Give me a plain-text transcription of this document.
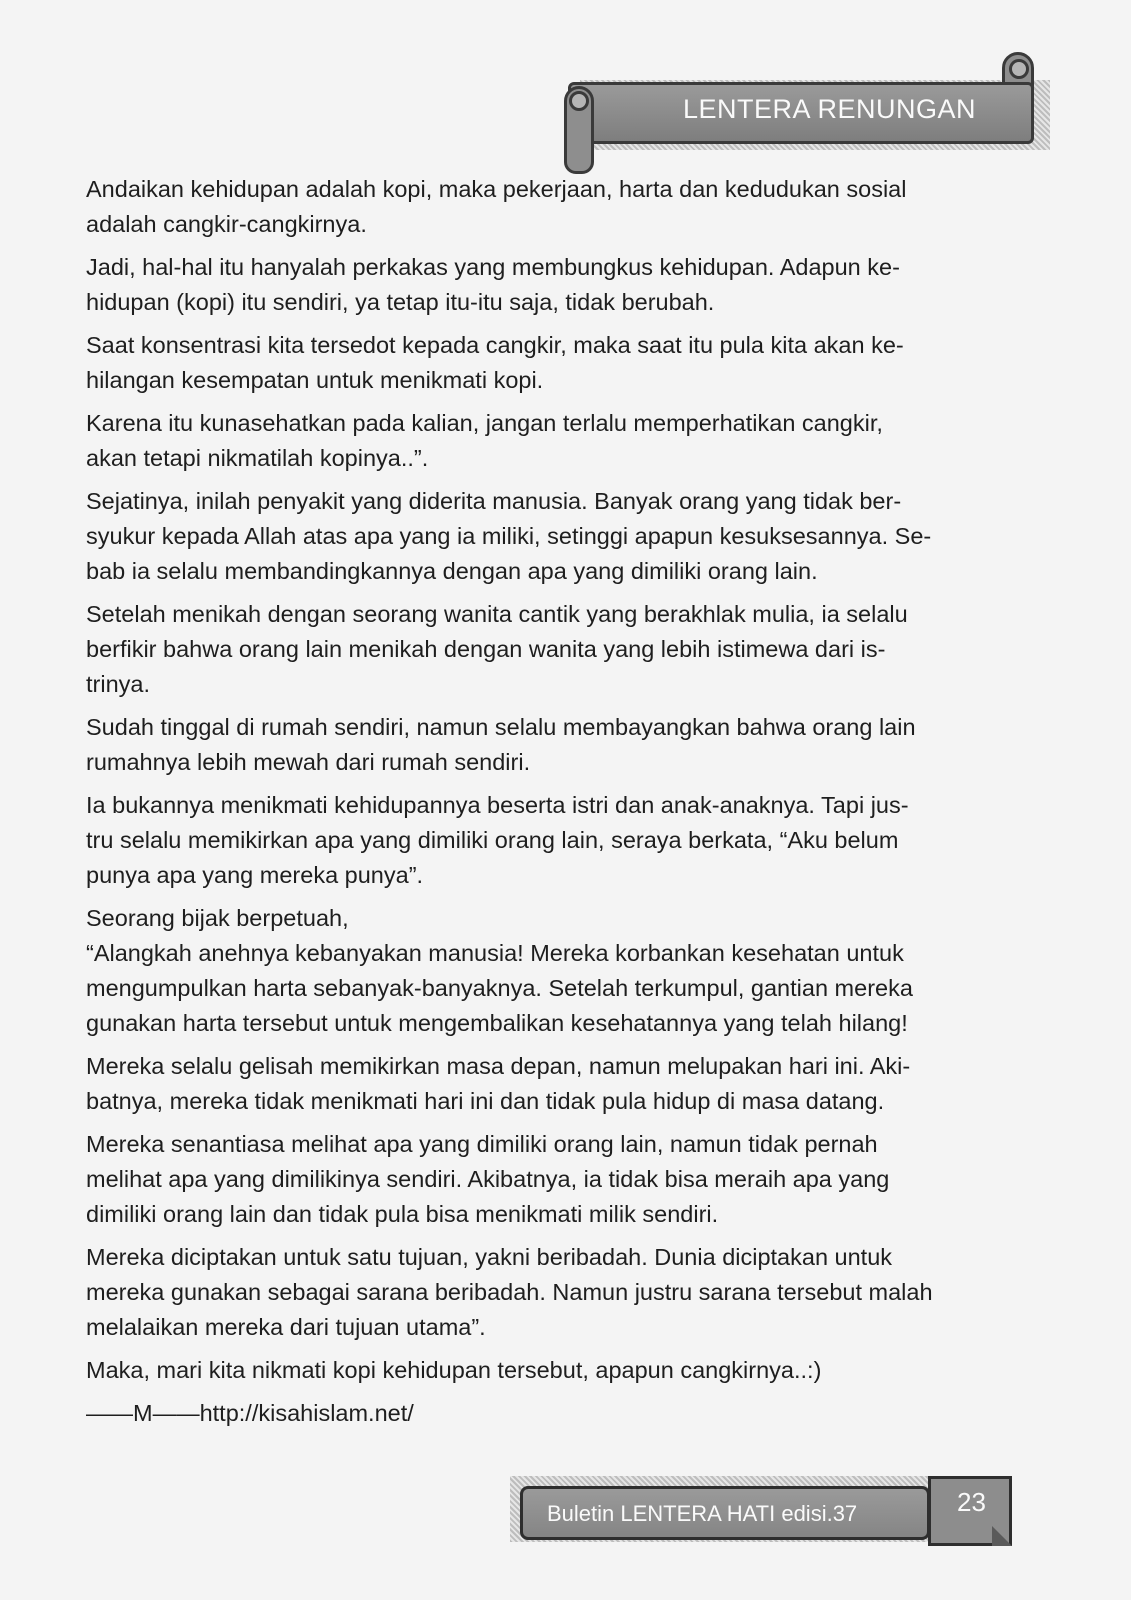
LENTERA RENUNGAN

Andaikan kehidupan adalah kopi, maka pekerjaan, harta dan kedudukan sosial
adalah cangkir-cangkirnya.

Jadi, hal-hal itu hanyalah perkakas yang membungkus kehidupan. Adapun ke-
hidupan (kopi) itu sendiri, ya tetap itu-itu saja, tidak berubah.

Saat konsentrasi kita tersedot kepada cangkir, maka saat itu pula kita akan ke-
hilangan kesempatan untuk menikmati kopi.

Karena itu kunasehatkan pada kalian, jangan terlalu memperhatikan cangkir,
akan tetapi nikmatilah kopinya..”.

Sejatinya, inilah penyakit yang diderita manusia. Banyak orang yang tidak ber-
syukur kepada Allah atas apa yang ia miliki, setinggi apapun kesuksesannya. Se-
bab ia selalu membandingkannya dengan apa yang dimiliki orang lain.

Setelah menikah dengan seorang wanita cantik yang berakhlak mulia, ia selalu
berfikir bahwa orang lain menikah dengan wanita yang lebih istimewa dari is-
trinya.

Sudah tinggal di rumah sendiri, namun selalu membayangkan bahwa orang lain
rumahnya lebih mewah dari rumah sendiri.

Ia bukannya menikmati kehidupannya beserta istri dan anak-anaknya. Tapi jus-
tru selalu memikirkan apa yang dimiliki orang lain, seraya berkata, “Aku belum
punya apa yang mereka punya”.

Seorang bijak berpetuah,
“Alangkah anehnya kebanyakan manusia! Mereka korbankan kesehatan untuk
mengumpulkan harta sebanyak-banyaknya. Setelah terkumpul, gantian mereka
gunakan harta tersebut untuk mengembalikan kesehatannya yang telah hilang!

Mereka selalu gelisah memikirkan masa depan, namun melupakan hari ini. Aki-
batnya, mereka tidak menikmati hari ini dan tidak pula hidup di masa datang.

Mereka senantiasa melihat apa yang dimiliki orang lain, namun tidak pernah
melihat apa yang dimilikinya sendiri. Akibatnya, ia tidak bisa meraih apa yang
dimiliki orang lain dan tidak pula bisa menikmati milik sendiri.

Mereka diciptakan untuk satu tujuan, yakni beribadah. Dunia diciptakan untuk
mereka gunakan sebagai sarana beribadah. Namun justru sarana tersebut malah
melalaikan mereka dari tujuan utama”.

Maka, mari kita nikmati kopi kehidupan tersebut, apapun cangkirnya..:)

——M——http://kisahislam.net/

Buletin LENTERA HATI edisi.37	23
